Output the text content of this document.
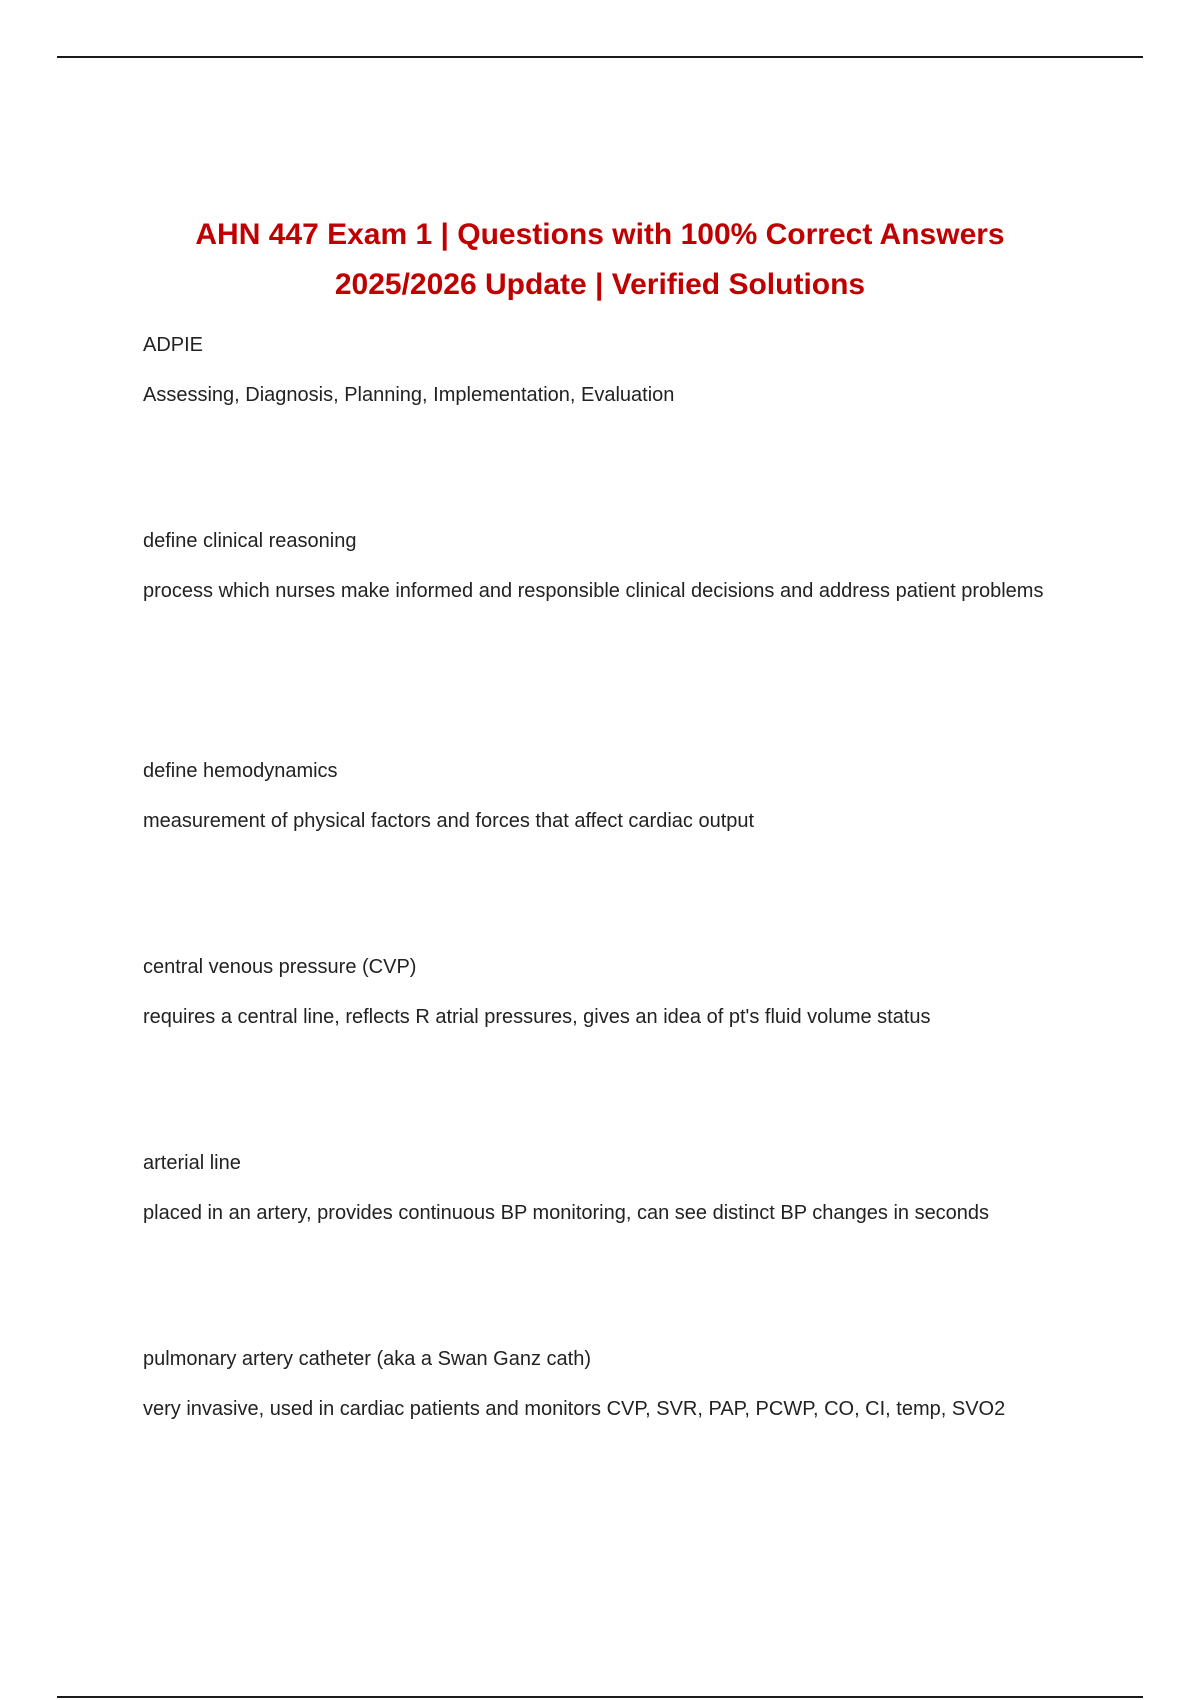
AHN 447 Exam 1 | Questions with 100% Correct Answers
2025/2026 Update | Verified Solutions

ADPIE

Assessing, Diagnosis, Planning, Implementation, Evaluation

define clinical reasoning

process which nurses make informed and responsible clinical decisions and address patient problems

define hemodynamics

measurement of physical factors and forces that affect cardiac output

central venous pressure (CVP)

requires a central line, reflects R atrial pressures, gives an idea of pt's fluid volume status

arterial line

placed in an artery, provides continuous BP monitoring, can see distinct BP changes in seconds

pulmonary artery catheter (aka a Swan Ganz cath)

very invasive, used in cardiac patients and monitors CVP, SVR, PAP, PCWP, CO, CI, temp, SVO2
